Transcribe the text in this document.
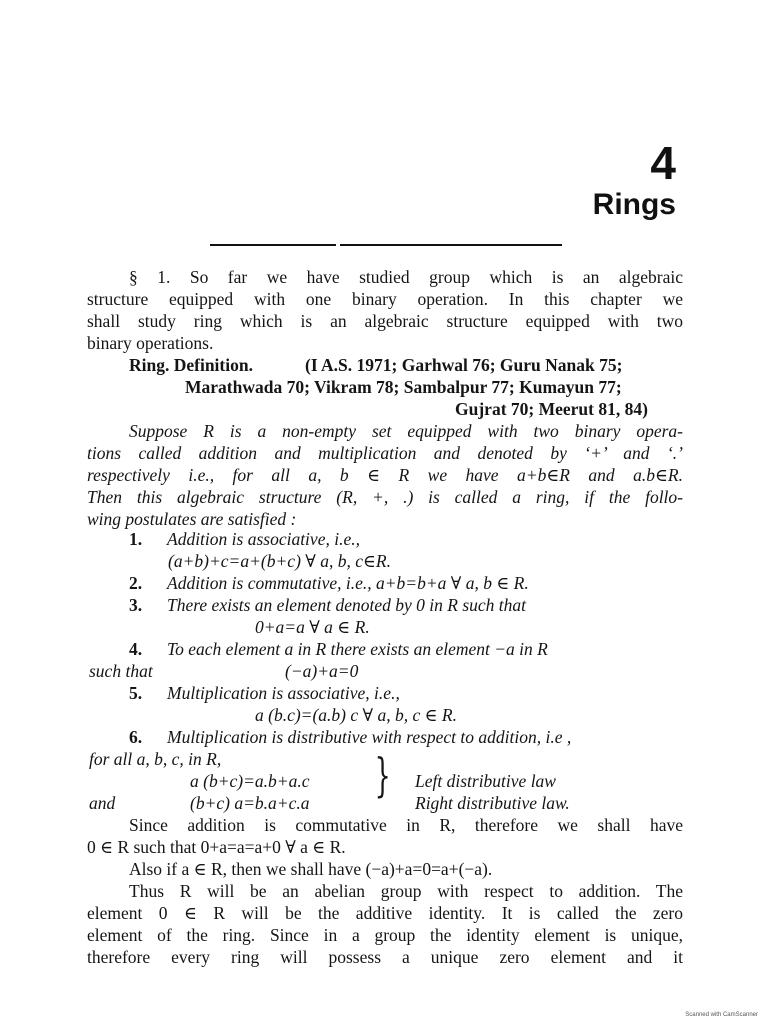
4
Rings
§ 1. So far we have studied group which is an algebraic
structure equipped with one binary operation. In this chapter we
shall study ring which is an algebraic structure equipped with two
binary operations.
Ring. Definition.	(I A.S. 1971; Garhwal 76; Guru Nanak 75;
Marathwada 70; Vikram 78; Sambalpur 77; Kumayun 77;
Gujrat 70; Meerut 81, 84)
Suppose R is a non-empty set equipped with two binary opera-
tions called addition and multiplication and denoted by ‘+’ and ‘.’
respectively i.e., for all a, b ∈ R we have a+b∈R and a.b∈R.
Then this algebraic structure (R, +, .) is called a ring, if the follo-
wing postulates are satisfied :
1. Addition is associative, i.e.,
(a+b)+c=a+(b+c) ∀ a, b, c∈R.
2. Addition is commutative, i.e., a+b=b+a ∀ a, b ∈ R.
3. There exists an element denoted by 0 in R such that
0+a=a ∀ a ∈ R.
4. To each element a in R there exists an element −a in R
such that	(−a)+a=0
5. Multiplication is associative, i.e.,
a (b.c)=(a.b) c ∀ a, b, c ∈ R.
6. Multiplication is distributive with respect to addition, i.e ,
for all a, b, c, in R,
a (b+c)=a.b+a.c	Left distributive law
and	(b+c) a=b.a+c.a	Right distributive law.
}
Since addition is commutative in R, therefore we shall have
0 ∈ R such that 0+a=a=a+0 ∀ a ∈ R.
Also if a ∈ R, then we shall have (−a)+a=0=a+(−a).
Thus R will be an abelian group with respect to addition. The
element 0 ∈ R will be the additive identity. It is called the zero
element of the ring. Since in a group the identity element is unique,
therefore every ring will possess a unique zero element and it
Scanned with CamScanner
